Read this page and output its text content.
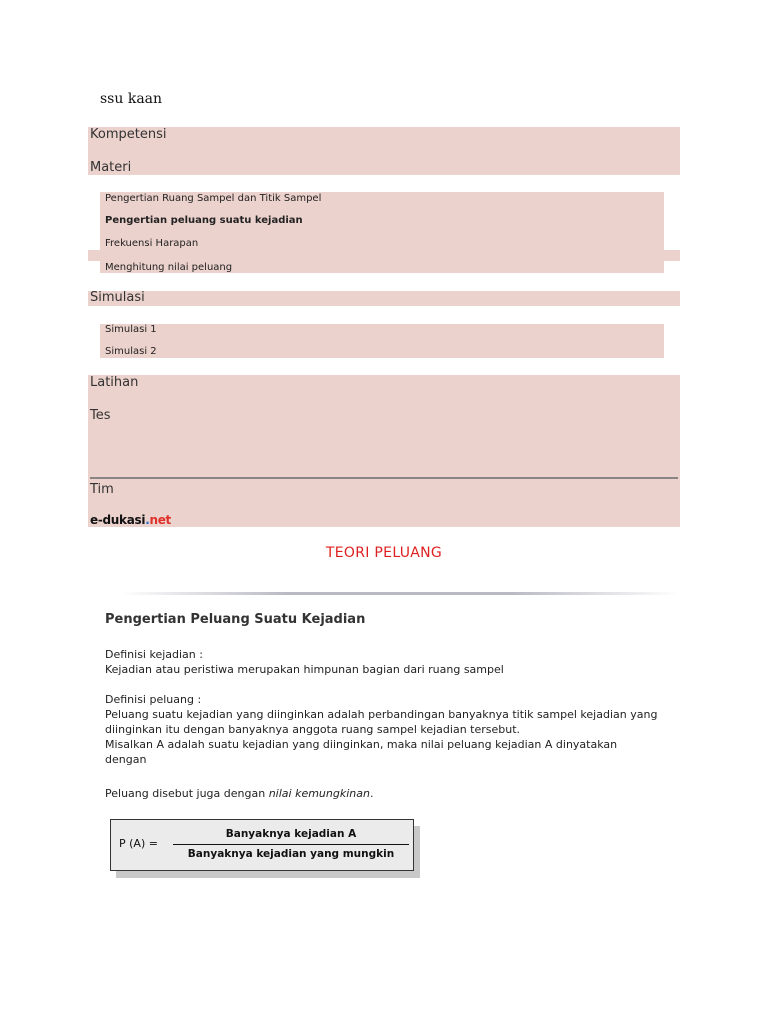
ssu kaan
Kompetensi
Materi
Pengertian Ruang Sampel dan Titik Sampel
Pengertian peluang suatu kejadian
Frekuensi Harapan
Menghitung nilai peluang
Simulasi
Simulasi 1
Simulasi 2
Latihan
Tes
Tim
e-dukasi.net
TEORI PELUANG
Pengertian Peluang Suatu Kejadian
Definisi kejadian :
Kejadian atau peristiwa merupakan himpunan bagian dari ruang sampel
Definisi peluang :
Peluang suatu kejadian yang diinginkan adalah perbandingan banyaknya titik sampel kejadian yang
diinginkan itu dengan banyaknya anggota ruang sampel kejadian tersebut.
Misalkan A adalah suatu kejadian yang diinginkan, maka nilai peluang kejadian A dinyatakan
dengan
Peluang disebut juga dengan nilai kemungkinan.
P (A) =
Banyaknya kejadian A
Banyaknya kejadian yang mungkin
